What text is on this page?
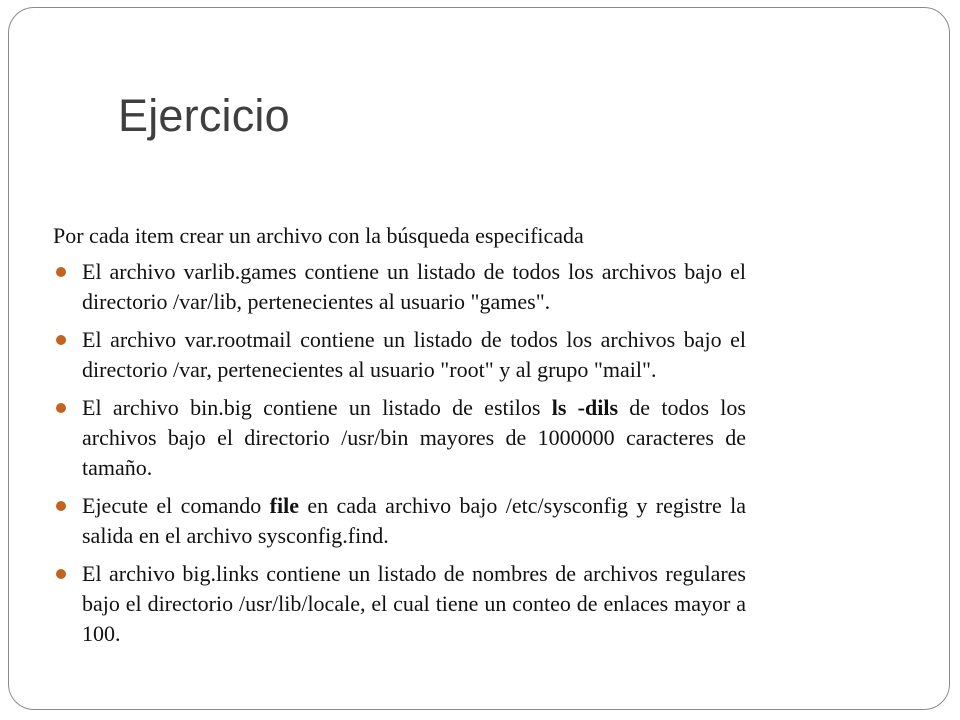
Ejercicio

Por cada item crear un archivo con la búsqueda especificada

El archivo varlib.games contiene un listado de todos los archivos bajo el directorio /var/lib, pertenecientes al usuario "games".
El archivo var.rootmail contiene un listado de todos los archivos bajo el directorio /var, pertenecientes al usuario "root" y al grupo "mail".
El archivo bin.big contiene un listado de estilos ls -dils de todos los archivos bajo el directorio /usr/bin mayores de 1000000 caracteres de tamaño.
Ejecute el comando file en cada archivo bajo /etc/sysconfig y registre la salida en el archivo sysconfig.find.
El archivo big.links contiene un listado de nombres de archivos regulares bajo el directorio /usr/lib/locale, el cual tiene un conteo de enlaces mayor a 100.
